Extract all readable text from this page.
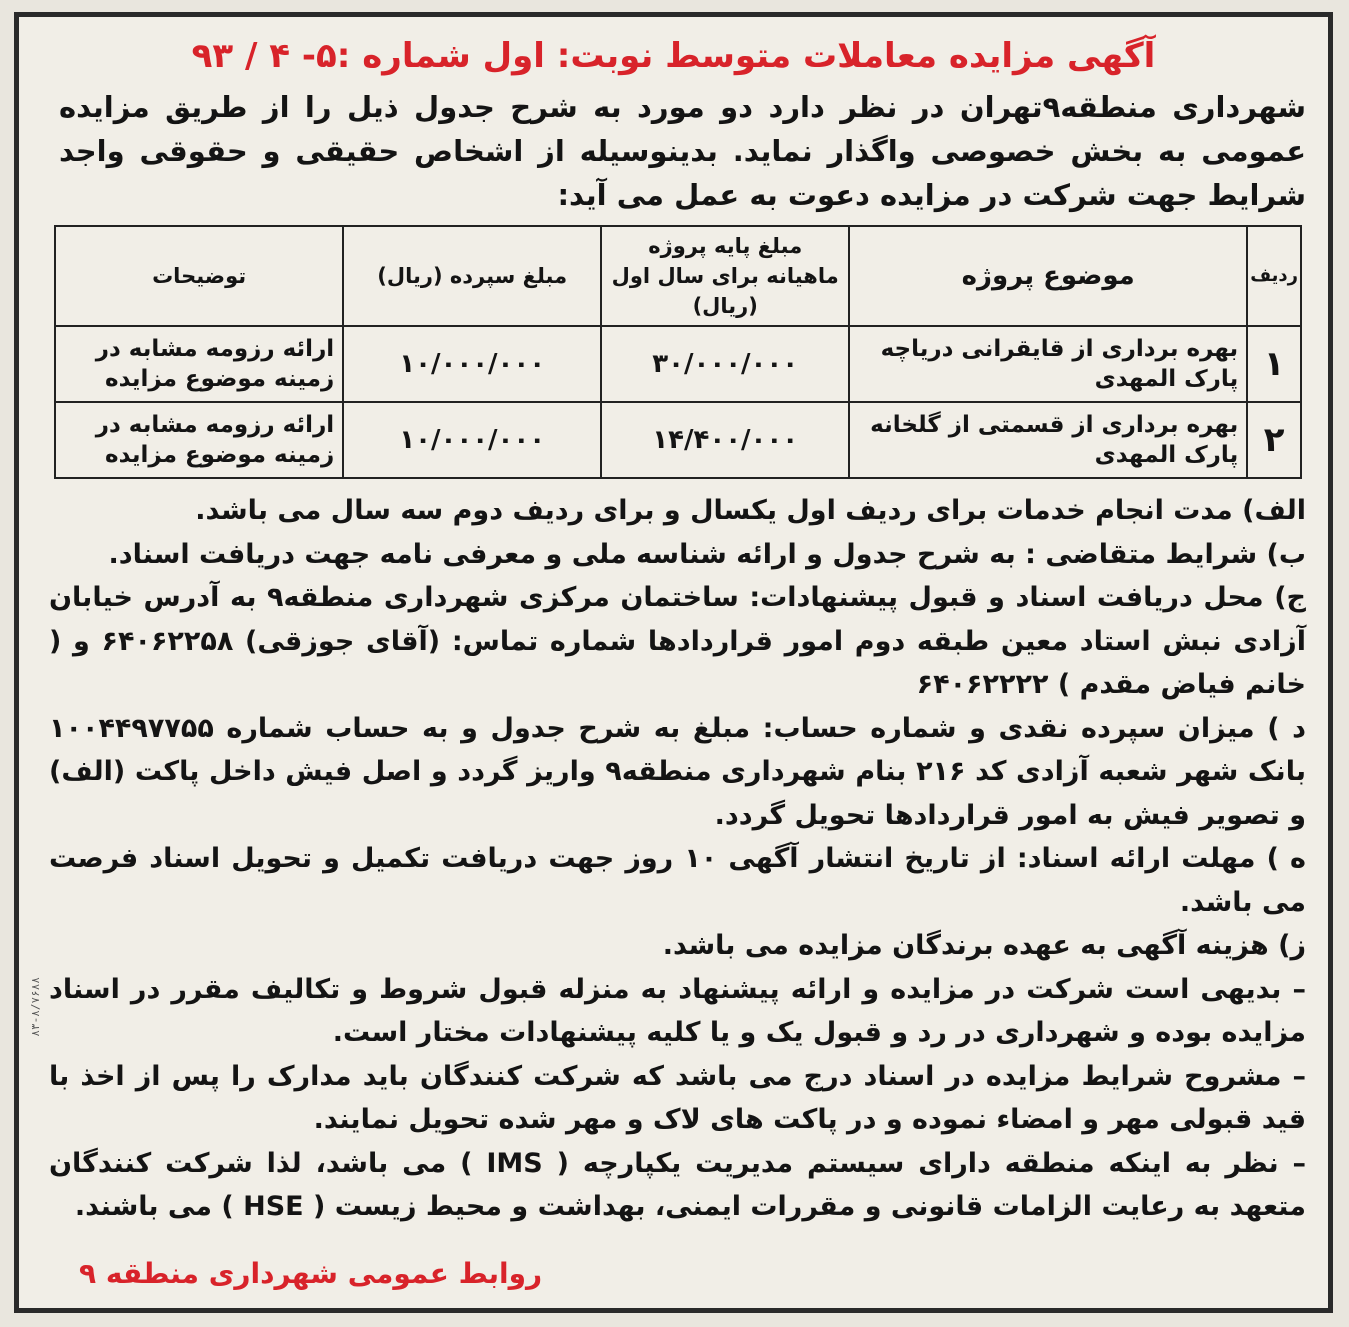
۸۳-۸/۷۶۸۸
آگهی مزایده معاملات متوسط نوبت: اول شماره :۵- ۴ / ۹۳
شهرداری منطقه۹تهران در نظر دارد دو مورد به شرح جدول ذیل را از طریق مزایده عمومی به بخش خصوصی واگذار نماید. بدینوسیله از اشخاص حقیقی و حقوقی واجد شرایط جهت شرکت در مزایده دعوت به عمل می آید:
ردیف	موضوع پروژه	مبلغ پایه پروژه ماهیانه برای سال اول (ریال)	مبلغ سپرده (ریال)	توضیحات
۱	بهره برداری از قایقرانی دریاچه پارک المهدی	۳۰/۰۰۰/۰۰۰	۱۰/۰۰۰/۰۰۰	ارائه رزومه مشابه در زمینه موضوع مزایده
۲	بهره برداری از قسمتی از گلخانه پارک المهدی	۱۴/۴۰۰/۰۰۰	۱۰/۰۰۰/۰۰۰	ارائه رزومه مشابه در زمینه موضوع مزایده

الف) مدت انجام خدمات برای ردیف اول یکسال و برای ردیف دوم سه سال می باشد.

ب) شرایط متقاضی : به شرح جدول و ارائه شناسه ملی و معرفی نامه جهت دریافت اسناد.

ج) محل دریافت اسناد و قبول پیشنهادات: ساختمان مرکزی شهرداری منطقه۹ به آدرس خیابان آزادی نبش استاد معین طبقه دوم امور قراردادها شماره تماس: (آقای جوزقی) ۶۴۰۶۲۲۵۸ و ( خانم فیاض مقدم ) ۶۴۰۶۲۲۲۲

د ) میزان سپرده نقدی و شماره حساب: مبلغ به شرح جدول و به حساب شماره ۱۰۰۴۴۹۷۷۵۵ بانک شهر شعبه آزادی کد ۲۱۶ بنام شهرداری منطقه۹ واریز گردد و اصل فیش داخل پاکت (الف) و تصویر فیش به امور قراردادها تحویل گردد.

ه ) مهلت ارائه اسناد: از تاریخ انتشار آگهی ۱۰ روز جهت دریافت تکمیل و تحویل اسناد فرصت می باشد.

ز) هزینه آگهی به عهده برندگان مزایده می باشد.

– بدیهی است شرکت در مزایده و ارائه پیشنهاد به منزله قبول شروط و تکالیف مقرر در اسناد مزایده بوده و شهرداری در رد و قبول یک و یا کلیه پیشنهادات مختار است.

– مشروح شرایط مزایده در اسناد درج می باشد که شرکت کنندگان باید مدارک را پس از اخذ با قید قبولی مهر و امضاء نموده و در پاکت های لاک و مهر شده تحویل نمایند.

– نظر به اینکه منطقه دارای سیستم مدیریت یکپارچه ( IMS ) می باشد، لذا شرکت کنندگان متعهد به رعایت الزامات قانونی و مقررات ایمنی، بهداشت و محیط زیست ( HSE ) می باشند.

روابط عمومی شهرداری منطقه ۹
